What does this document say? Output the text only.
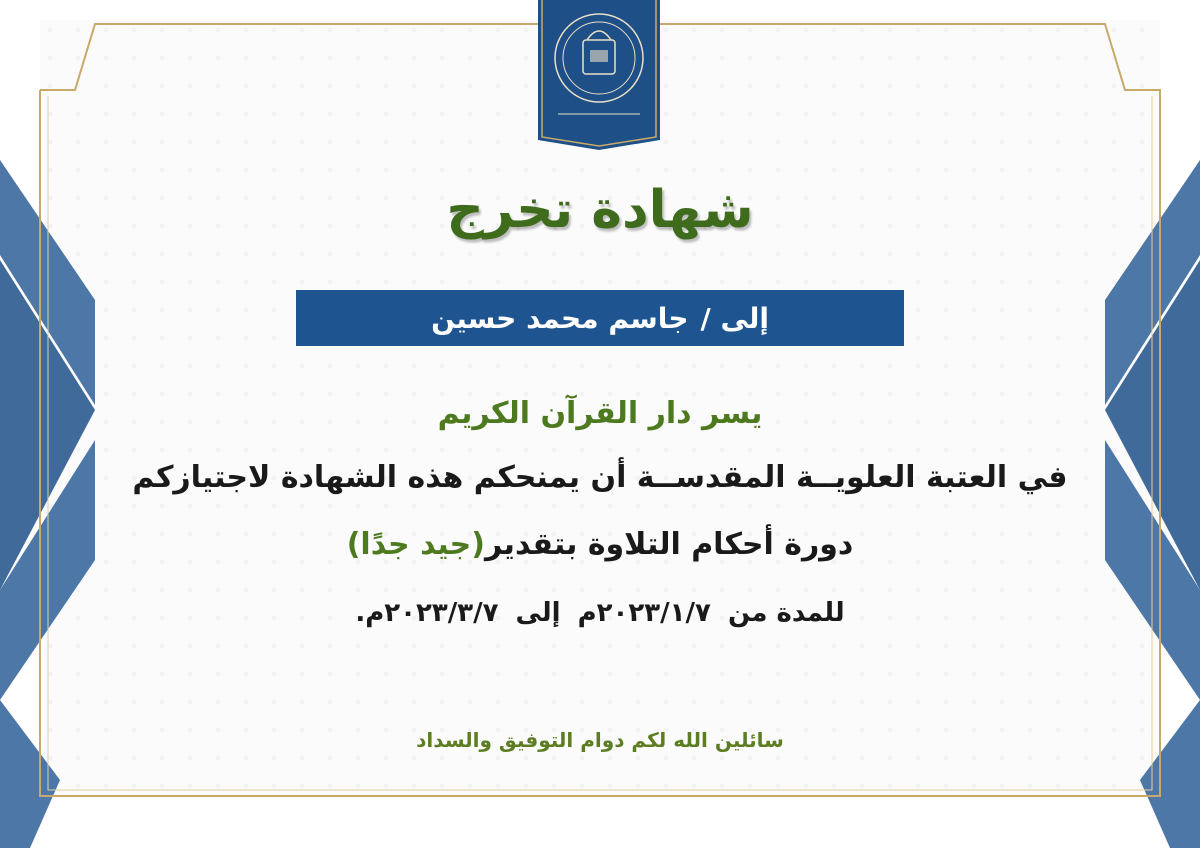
شهادة تخرج
إلى /
جاسم محمد حسين
يسر دار القرآن الكريم
في العتبة العلويــة المقدســة أن يمنحكم هذه الشهادة لاجتيازكم
دورة أحكام التلاوة بتقدير(جيد جدًا)
للمدة من ٢٠٢٣/١/٧م إلى ٢٠٢٣/٣/٧م.
سائلين الله لكم دوام التوفيق والسداد
